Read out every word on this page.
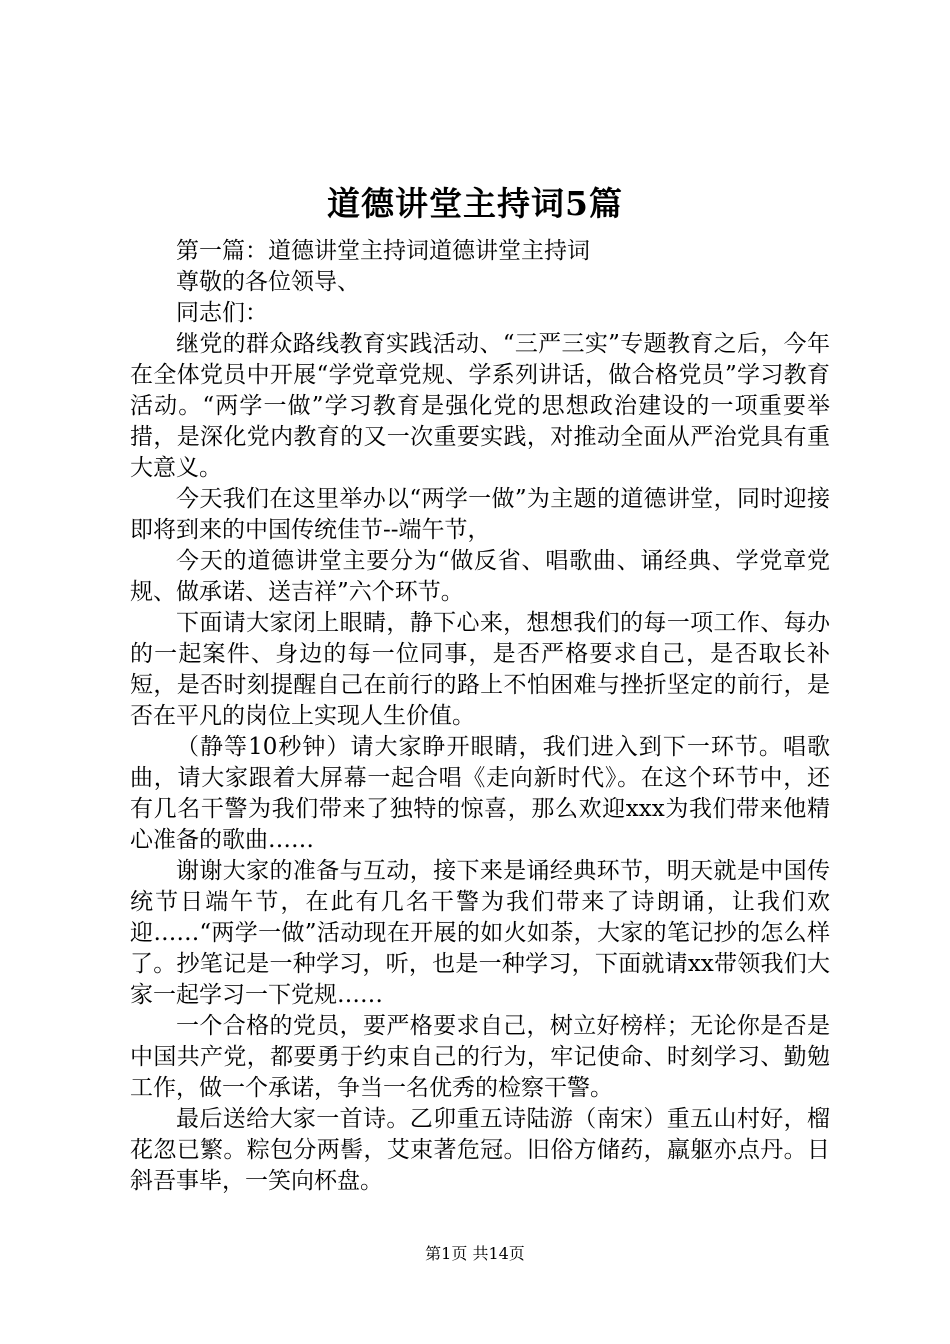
道德讲堂主持词5篇

第一篇：道德讲堂主持词道德讲堂主持词

尊敬的各位领导、

同志们：

继党的群众路线教育实践活动、“三严三实”专题教育之后，今年在全体党员中开展“学党章党规、学系列讲话，做合格党员”学习教育活动。“两学一做”学习教育是强化党的思想政治建设的一项重要举措，是深化党内教育的又一次重要实践，对推动全面从严治党具有重大意义。

今天我们在这里举办以“两学一做”为主题的道德讲堂，同时迎接即将到来的中国传统佳节--端午节，

今天的道德讲堂主要分为“做反省、唱歌曲、诵经典、学党章党规、做承诺、送吉祥”六个环节。

下面请大家闭上眼睛，静下心来，想想我们的每一项工作、每办的一起案件、身边的每一位同事，是否严格要求自己，是否取长补短，是否时刻提醒自己在前行的路上不怕困难与挫折坚定的前行，是否在平凡的岗位上实现人生价值。

（静等10秒钟）请大家睁开眼睛，我们进入到下一环节。唱歌曲，请大家跟着大屏幕一起合唱《走向新时代》。在这个环节中，还有几名干警为我们带来了独特的惊喜，那么欢迎xxx为我们带来他精心准备的歌曲……

谢谢大家的准备与互动，接下来是诵经典环节，明天就是中国传统节日端午节，在此有几名干警为我们带来了诗朗诵，让我们欢迎……“两学一做”活动现在开展的如火如荼，大家的笔记抄的怎么样了。抄笔记是一种学习，听，也是一种学习，下面就请xx带领我们大家一起学习一下党规……

一个合格的党员，要严格要求自己，树立好榜样；无论你是否是中国共产党，都要勇于约束自己的行为，牢记使命、时刻学习、勤勉工作，做一个承诺，争当一名优秀的检察干警。

最后送给大家一首诗。乙卯重五诗陆游（南宋）重五山村好，榴花忽已繁。粽包分两髻，艾束著危冠。旧俗方储药，羸躯亦点丹。日斜吾事毕，一笑向杯盘。

第1页 共14页
